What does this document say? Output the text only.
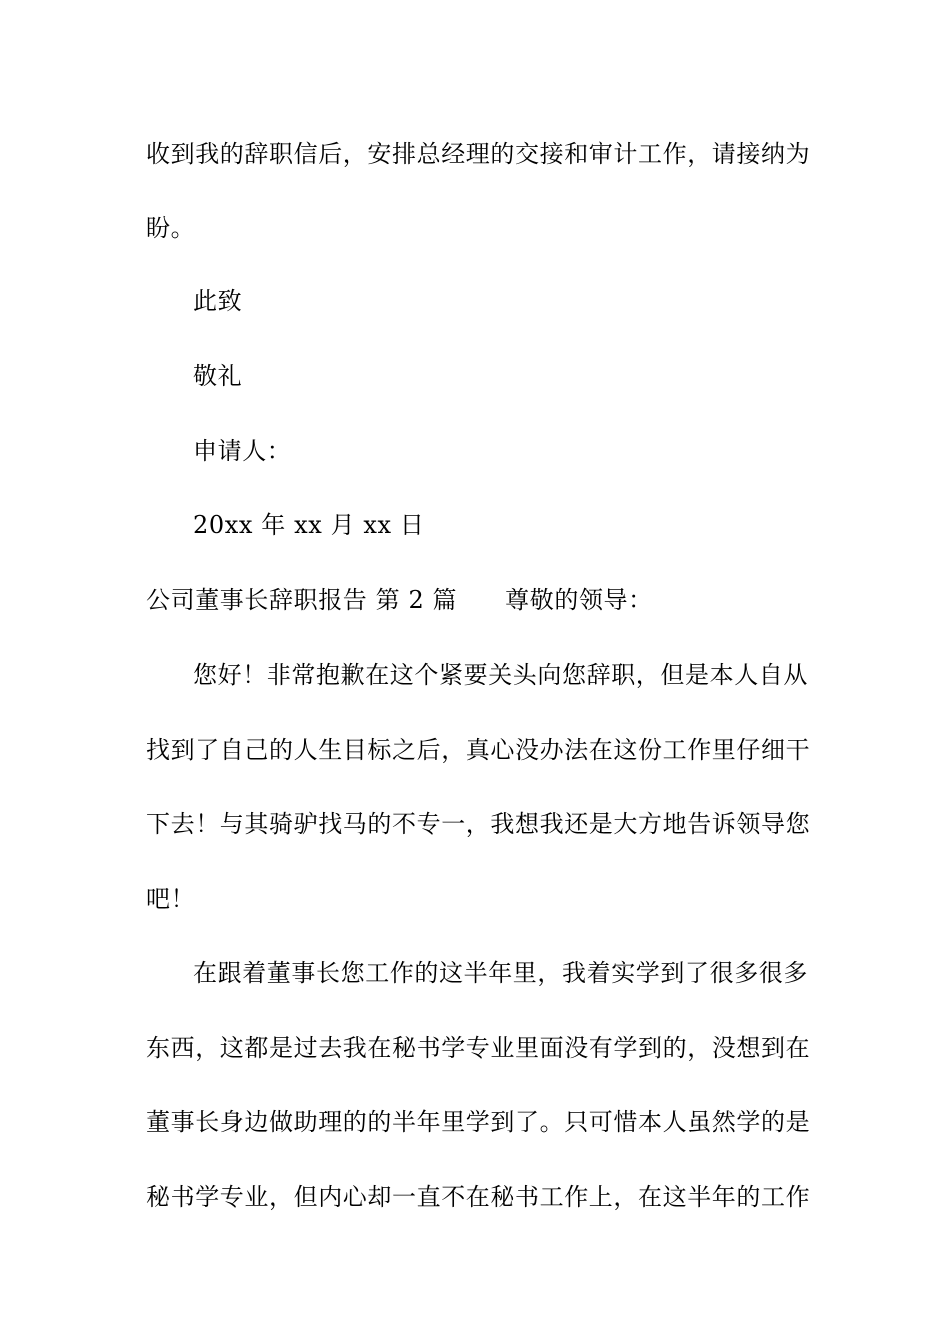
收到我的辞职信后，安排总经理的交接和审计工作，请接纳为
盼。
此致
敬礼
申请人：
20xx 年 xx 月 xx 日
公司董事长辞职报告 第 2 篇 尊敬的领导：
您好！非常抱歉在这个紧要关头向您辞职，但是本人自从
找到了自己的人生目标之后，真心没办法在这份工作里仔细干
下去！与其骑驴找马的不专一，我想我还是大方地告诉领导您
吧！
在跟着董事长您工作的这半年里，我着实学到了很多很多
东西，这都是过去我在秘书学专业里面没有学到的，没想到在
董事长身边做助理的的半年里学到了。只可惜本人虽然学的是
秘书学专业，但内心却一直不在秘书工作上，在这半年的工作
